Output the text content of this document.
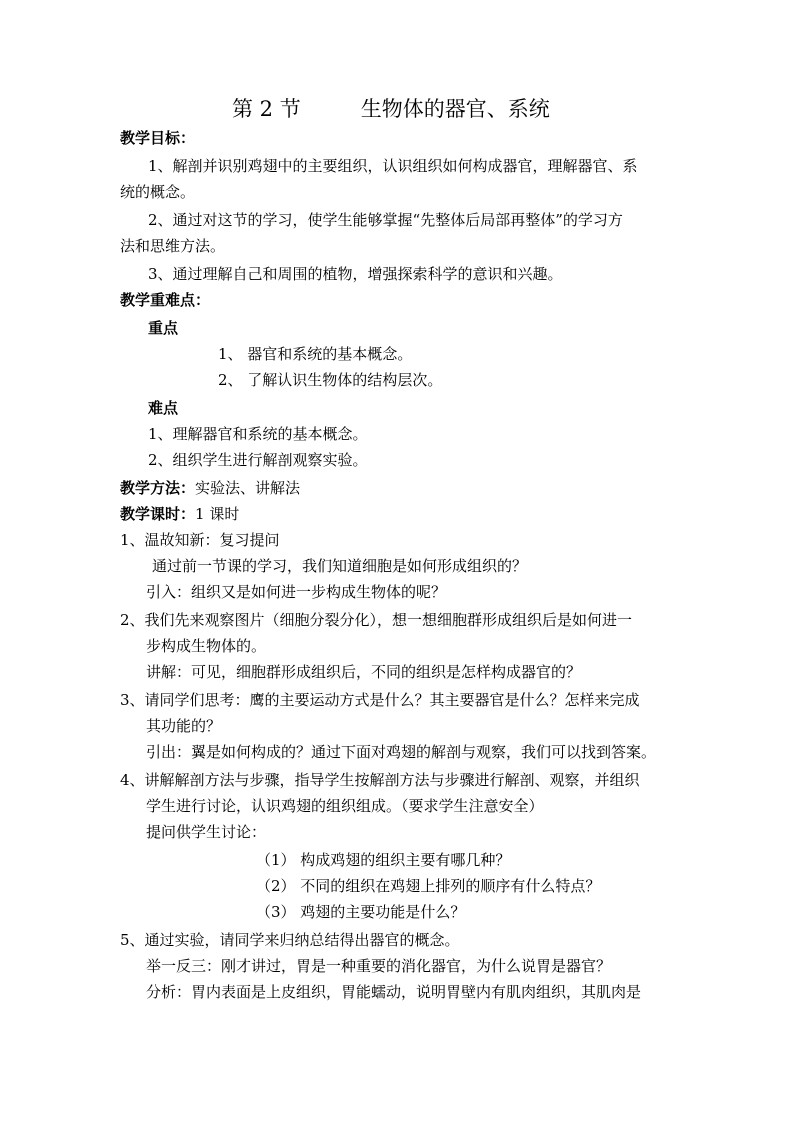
第 2 节	生物体的器官、系统
教学目标：
1、解剖并识别鸡翅中的主要组织，认识组织如何构成器官，理解器官、系
统的概念。
2、通过对这节的学习，使学生能够掌握“先整体后局部再整体”的学习方
法和思维方法。
3、通过理解自己和周围的植物，增强探索科学的意识和兴趣。
教学重难点：
重点
1、 器官和系统的基本概念。
2、 了解认识生物体的结构层次。
难点
1、理解器官和系统的基本概念。
2、组织学生进行解剖观察实验。
教学方法：实验法、讲解法
教学课时：1 课时
1、温故知新：复习提问
通过前一节课的学习，我们知道细胞是如何形成组织的？
引入：组织又是如何进一步构成生物体的呢？
2、我们先来观察图片（细胞分裂分化），想一想细胞群形成组织后是如何进一
步构成生物体的。
讲解：可见，细胞群形成组织后，不同的组织是怎样构成器官的？
3、请同学们思考：鹰的主要运动方式是什么？其主要器官是什么？怎样来完成
其功能的？
引出：翼是如何构成的？通过下面对鸡翅的解剖与观察，我们可以找到答案。
4、讲解解剖方法与步骤，指导学生按解剖方法与步骤进行解剖、观察，并组织
学生进行讨论，认识鸡翅的组织组成。（要求学生注意安全）
提问供学生讨论：
（1） 构成鸡翅的组织主要有哪几种？
（2） 不同的组织在鸡翅上排列的顺序有什么特点？
（3） 鸡翅的主要功能是什么？
5、通过实验，请同学来归纳总结得出器官的概念。
举一反三：刚才讲过，胃是一种重要的消化器官，为什么说胃是器官？
分析：胃内表面是上皮组织，胃能蠕动，说明胃壁内有肌肉组织，其肌肉是
